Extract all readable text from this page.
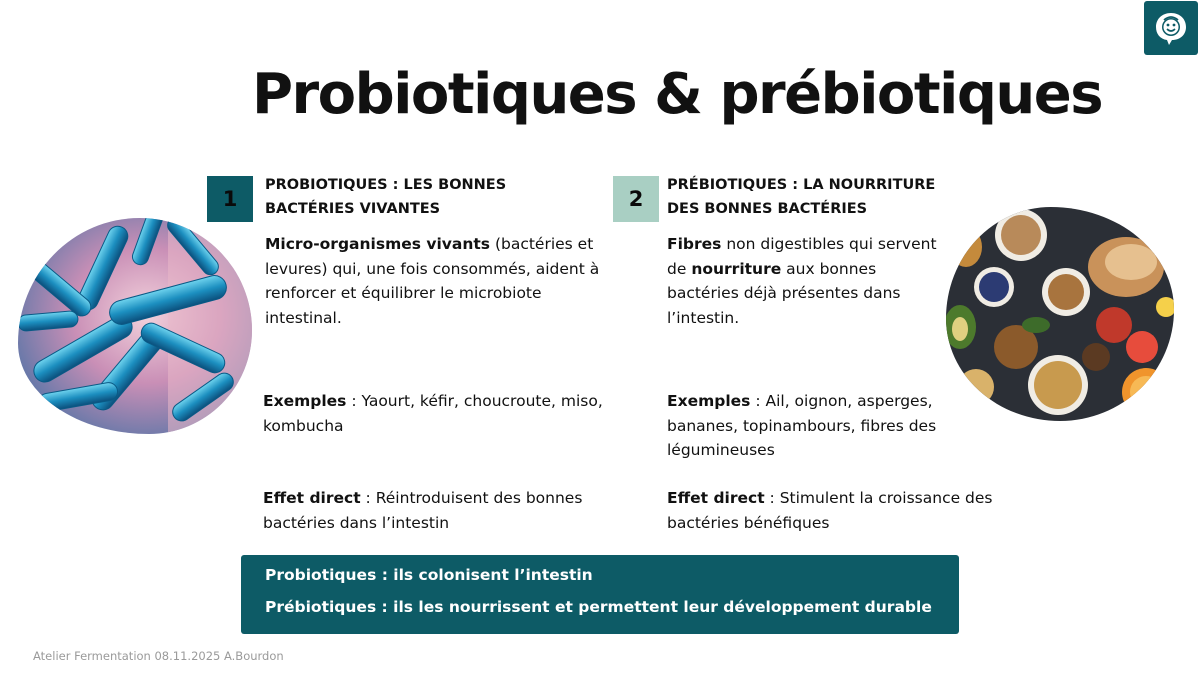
Probiotiques & prébiotiques
1
PROBIOTIQUES : LES BONNES
BACTÉRIES VIVANTES

Micro-organismes vivants (bactéries et levures) qui, une fois consommés, aident à renforcer et équilibrer le microbiote intestinal.

Exemples : Yaourt, kéfir, choucroute, miso, kombucha

Effet direct : Réintroduisent des bonnes bactéries dans l’intestin

2
PRÉBIOTIQUES : LA NOURRITURE
DES BONNES BACTÉRIES

Fibres non digestibles qui servent de nourriture aux bonnes bactéries déjà présentes dans l’intestin.

Exemples : Ail, oignon, asperges, bananes, topinambours, fibres des légumineuses

Effet direct : Stimulent la croissance des bactéries bénéfiques

Probiotiques : ils colonisent l’intestin
Prébiotiques : ils les nourrissent et permettent leur développement durable
Atelier Fermentation 08.11.2025 A.Bourdon
